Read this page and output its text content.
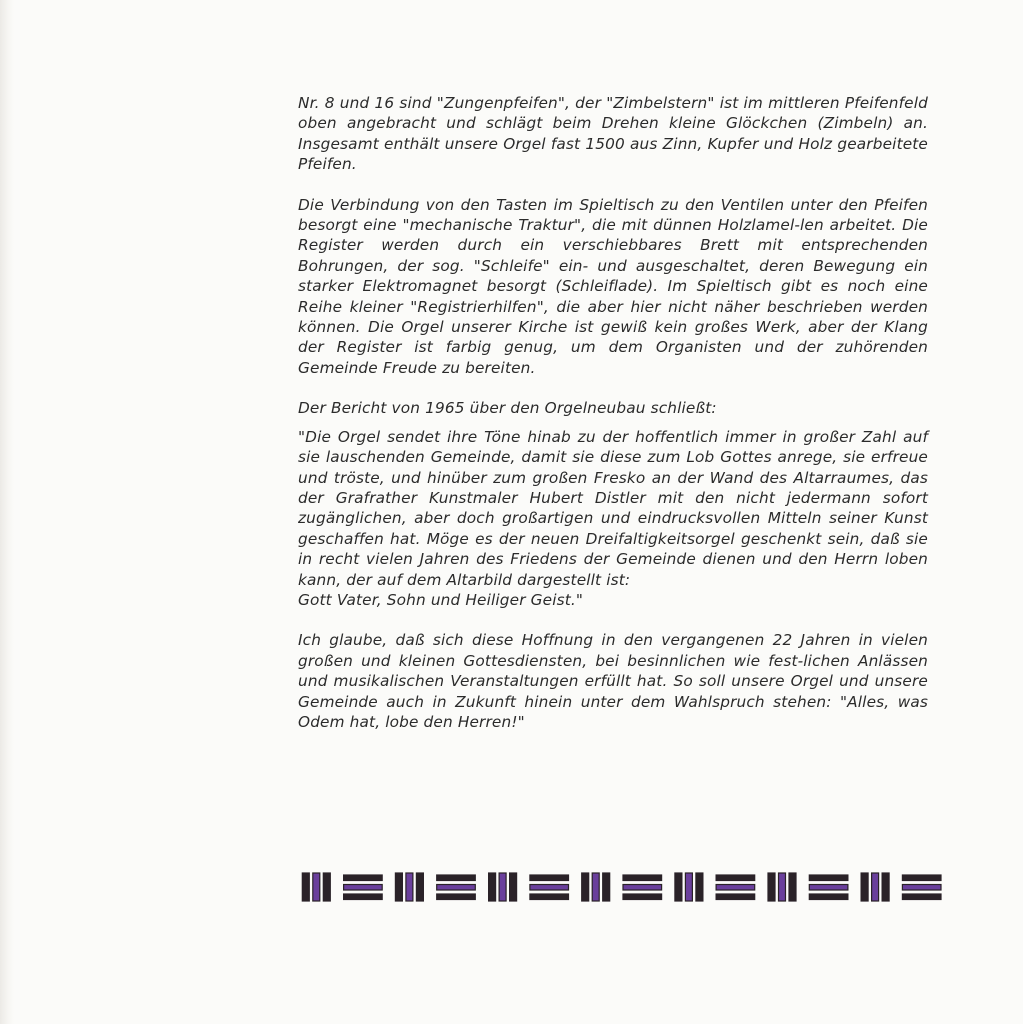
Nr. 8 und 16 sind "Zungenpfeifen", der "Zimbelstern" ist im mittleren Pfeifenfeld oben angebracht und schlägt beim Drehen kleine Glöckchen (Zimbeln) an. Insgesamt enthält unsere Orgel fast 1500 aus Zinn, Kupfer und Holz gearbeitete Pfeifen.

Die Verbindung von den Tasten im Spieltisch zu den Ventilen unter den Pfeifen besorgt eine "mechanische Traktur", die mit dünnen Holzlamel-len arbeitet. Die Register werden durch ein verschiebbares Brett mit entsprechenden Bohrungen, der sog. "Schleife" ein- und ausgeschaltet, deren Bewegung ein starker Elektromagnet besorgt (Schleiflade). Im Spieltisch gibt es noch eine Reihe kleiner "Registrierhilfen", die aber hier nicht näher beschrieben werden können. Die Orgel unserer Kirche ist gewiß kein großes Werk, aber der Klang der Register ist farbig genug, um dem Organisten und der zuhörenden Gemeinde Freude zu bereiten.

Der Bericht von 1965 über den Orgelneubau schließt:

"Die Orgel sendet ihre Töne hinab zu der hoffentlich immer in großer Zahl auf sie lauschenden Gemeinde, damit sie diese zum Lob Gottes anrege, sie erfreue und tröste, und hinüber zum großen Fresko an der Wand des Altarraumes, das der Grafrather Kunstmaler Hubert Distler mit den nicht jedermann sofort zugänglichen, aber doch großartigen und eindrucksvollen Mitteln seiner Kunst geschaffen hat. Möge es der neuen Dreifaltigkeitsorgel geschenkt sein, daß sie in recht vielen Jahren des Friedens der Gemeinde dienen und den Herrn loben kann, der auf dem Altarbild dargestellt ist:

Gott Vater, Sohn und Heiliger Geist."

Ich glaube, daß sich diese Hoffnung in den vergangenen 22 Jahren in vielen großen und kleinen Gottesdiensten, bei besinnlichen wie fest-lichen Anlässen und musikalischen Veranstaltungen erfüllt hat. So soll unsere Orgel und unsere Gemeinde auch in Zukunft hinein unter dem Wahlspruch stehen: "Alles, was Odem hat, lobe den Herren!"
